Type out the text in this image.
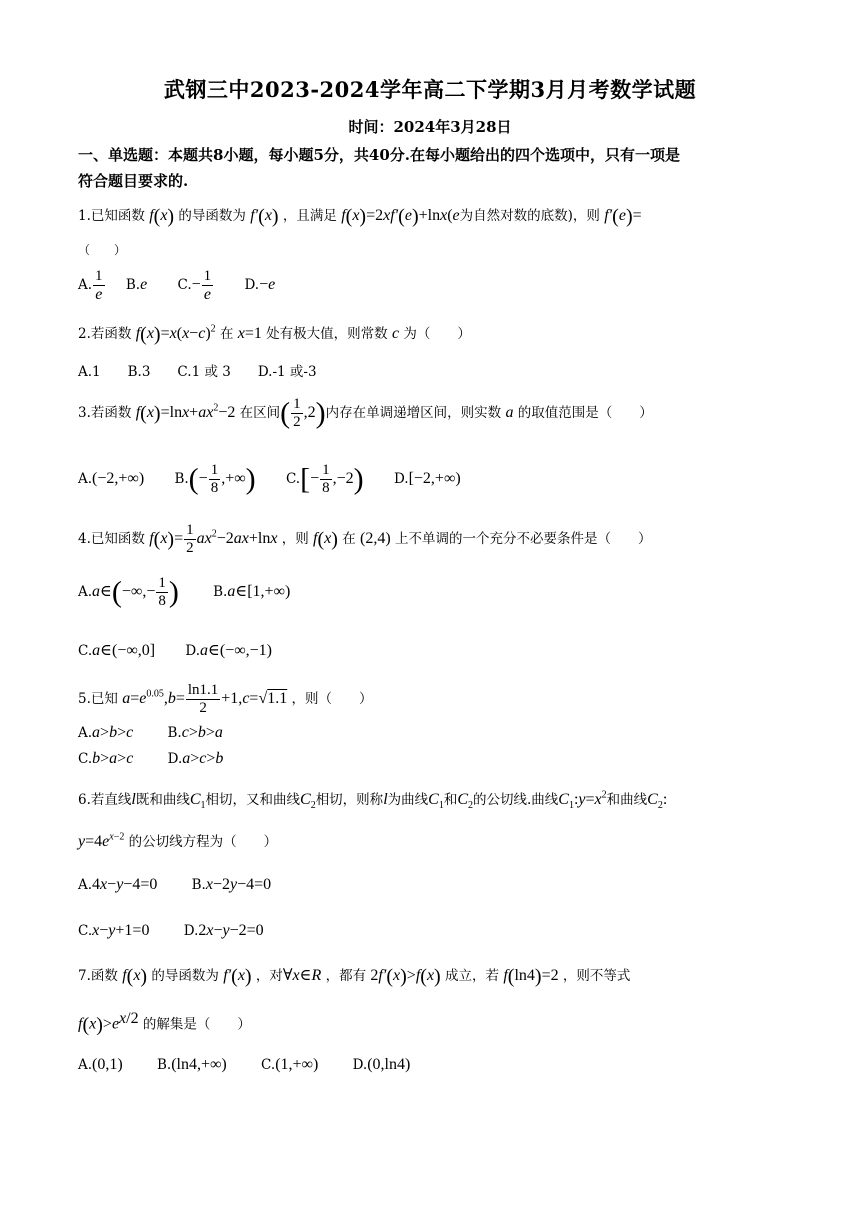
武钢三中2023-2024学年高二下学期3月月考数学试题
时间：2024年3月28日
一、单选题：本题共8小题，每小题5分，共40分.在每小题给出的四个选项中，只有一项是
符合题目要求的.
1.已知函数 f(x) 的导函数为 f′(x) ，且满足 f(x)=2xf′(e)+lnx(e为自然对数的底数)，则 f′(e)=
（　　）
A. $\frac{1}{e} B.e$ $C.- \frac{1}{e} D.-e$
2.若函数 $f(x)=x(x-c)^2$ 在 x=1 处有极大值，则常数 c 为（　　）
A.1　　B.3　　C.1 或 3　　D.-1 或-3
3.若函数 $f(x)=\ln x+ax^2-2$ 在区间( $\frac{1}{2} ,2$)内存在单调递增区间，则实数 a 的取值范围是（　　）
A.(−2,+∞) $B.(- \frac{1}{8}$ ,+∞) $C.[- \frac{1}{8} ,-2)$ D.[−2,+∞)
4.已知函数 $f(x)= \frac{1}{2} ax^2-2ax+\ln x$ ，则 f(x) 在 (2,4) 上不单调的一个充分不必要条件是（　　）
A.a∈(−∞,− $\frac{1}{8}$ )	B.a∈[1,+∞)
C.a∈(−∞,0] D.a∈(−∞,−1)
5.已知 $a=e^{0.05},b= \frac{\ln 1.1}{2} +1,c=√1.1$ ，则（　　）
A.a>b>c	B.c>b>a
C.b>a>c	D.a>c>b
6.若直线l既和曲线$C_1$相切，又和曲线$C_2$相切，则称l为曲线$C_1$和$C_2$的公切线.曲线$C_1:y=x^2$和曲线$C_2$:
$y=4e^{x-2}$ 的公切线方程为（　　）
A.4x−y−4=0	B.x−2y−4=0
C.x−y+1=0	D.2x−y−2=0
7.函数 f(x) 的导函数为 f′(x) ，对∀x∈R ，都有 2f′(x)>f(x) 成立，若 f(ln4)=2 ，则不等式
$f(x)>e^{x/2}$ 的解集是（　　）
A.(0,1)	B.(ln4,+∞)	C.(1,+∞)	D.(0,ln4)
